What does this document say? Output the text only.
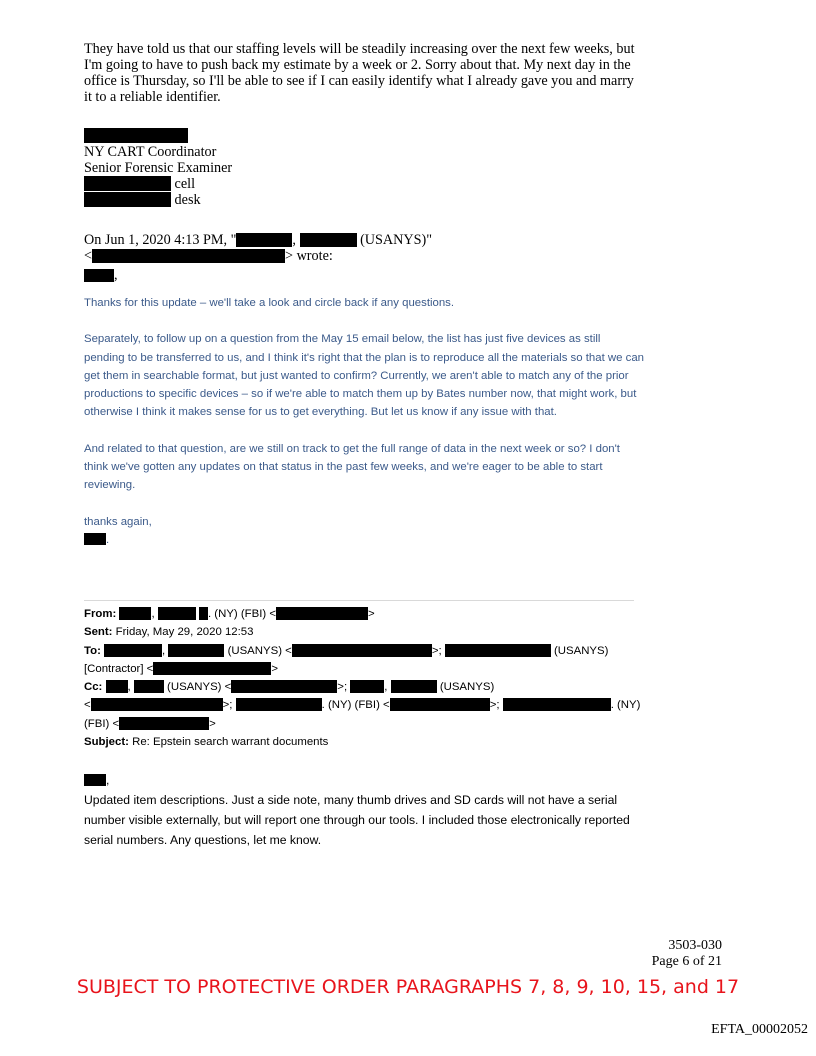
They have told us that our staffing levels will be steadily increasing over the next few weeks, but I'm going to have to push back my estimate by a week or 2. Sorry about that. My next day in the office is Thursday, so I'll be able to see if I can easily identify what I already gave you and marry it to a reliable identifier.
NY CART Coordinator
Senior Forensic Examiner
cell
desk
On Jun 1, 2020 4:13 PM, "	,	(USANYS)"
<	> wrote:
,

Thanks for this update – we'll take a look and circle back if any questions.

Separately, to follow up on a question from the May 15 email below, the list has just five devices as still pending to be transferred to us, and I think it's right that the plan is to reproduce all the materials so that we can get them in searchable format, but just wanted to confirm? Currently, we aren't able to match any of the prior productions to specific devices – so if we're able to match them up by Bates number now, that might work, but otherwise I think it makes sense for us to get everything. But let us know if any issue with that.

And related to that question, are we still on track to get the full range of data in the next week or so? I don't think we've gotten any updates on that status in the past few weeks, and we're eager to be able to start reviewing.

thanks again,

.
From:	,	. (NY) (FBI) <	>
Sent: Friday, May 29, 2020 12:53
To:	,	(USANYS) <	>;	(USANYS)
[Contractor] <	>
Cc: ,	(USANYS) <	>;	,	(USANYS)
<	>;	. (NY) (FBI) <	>;	. (NY)
(FBI) <	>
Subject: Re: Epstein search warrant documents
,
Updated item descriptions. Just a side note, many thumb drives and SD cards will not have a serial number visible externally, but will report one through our tools. I included those electronically reported serial numbers. Any questions, let me know.
3503-030
Page 6 of 21
SUBJECT TO PROTECTIVE ORDER PARAGRAPHS 7, 8, 9, 10, 15, and 17
EFTA_00002052
